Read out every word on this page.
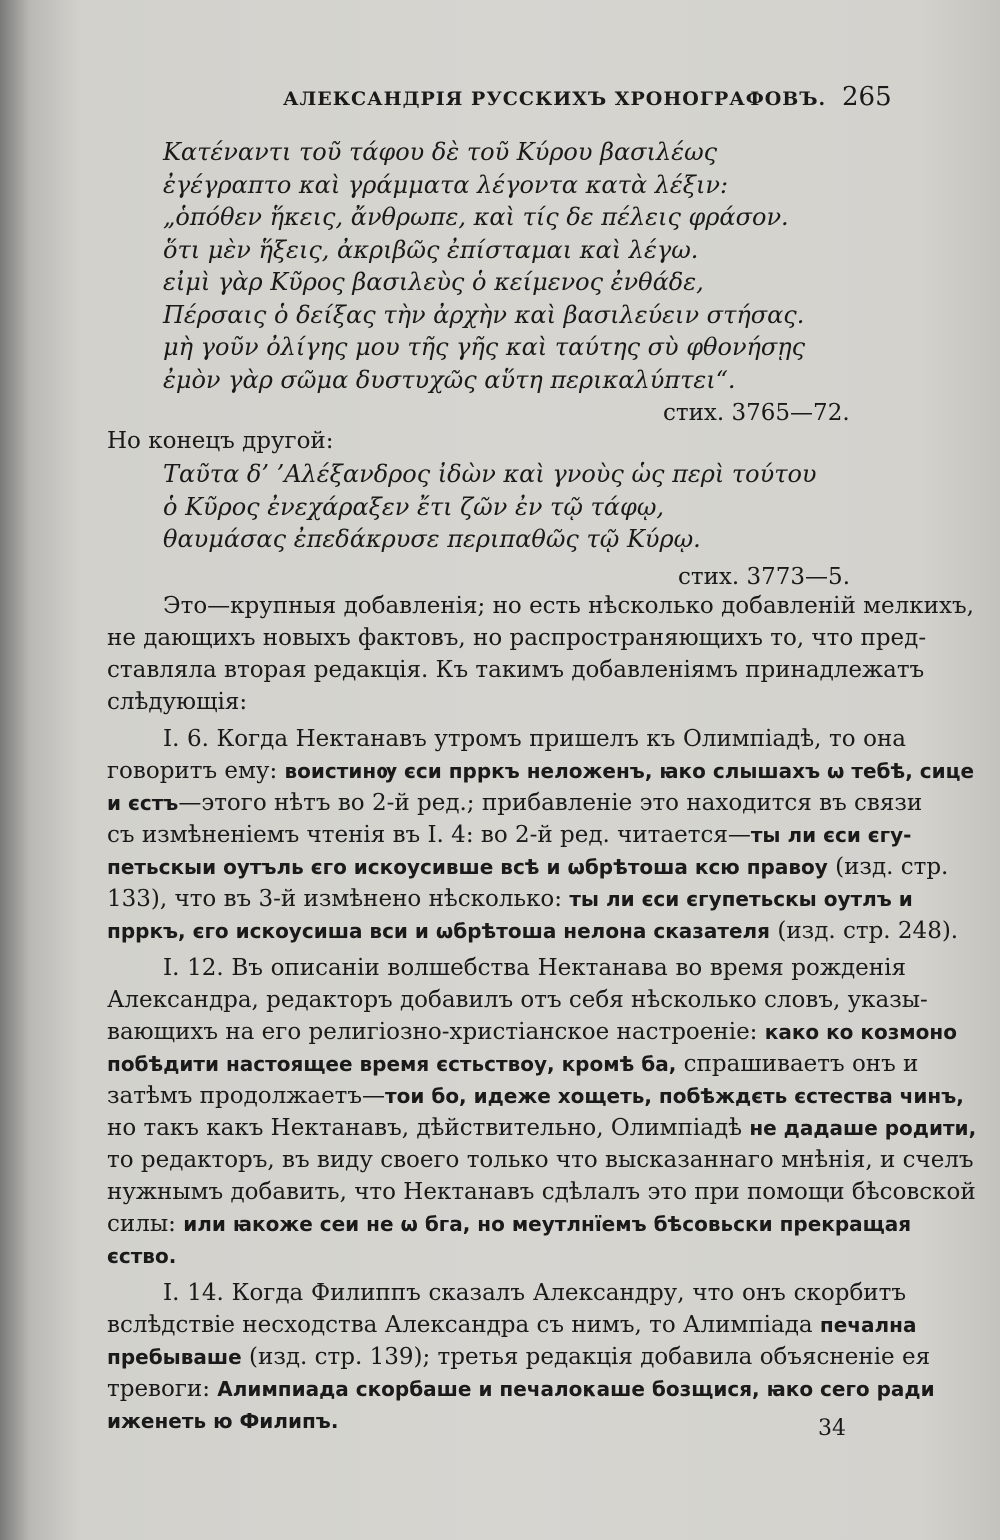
АЛЕКСАНДРІЯ РУССКИХЪ ХРОНОГРАФОВЪ. 265
Κατέναντι τοῦ τάφου δὲ τοῦ Κύρου βασιλέως
ἐγέγραπτο καὶ γράμματα λέγοντα κατὰ λέξιν:
„ὁπόθεν ἥκεις, ἄνθρωπε, καὶ τίς δε πέλεις φράσον.
ὅτι μὲν ἥξεις, ἀκριβῶς ἐπίσταμαι καὶ λέγω.
εἰμὶ γὰρ Κῦρος βασιλεὺς ὁ κείμενος ἐνθάδε,
Πέρσαις ὁ δείξας τὴν ἀρχὴν καὶ βασιλεύειν στήσας.
μὴ γοῦν ὀλίγης μου τῆς γῆς καὶ ταύτης σὺ φθονήσῃς
ἐμὸν γὰρ σῶμα δυστυχῶς αὕτη περικαλύπτει“.
стих. 3765—72.
Но конецъ другой:
Ταῦτα δ’ ’Αλέξανδρος ἰδὼν καὶ γνοὺς ὡς περὶ τούτου
ὁ Κῦρος ἐνεχάραξεν ἔτι ζῶν ἐν τῷ τάφῳ,
θαυμάσας ἐπεδάκρυσε περιπαθῶς τῷ Κύρῳ.
стих. 3773—5.
Это—крупныя добавленія; но есть нѣсколько добавленій мелкихъ,
не дающихъ новыхъ фактовъ, но распространяющихъ то, что пред-
ставляла вторая редакція. Къ такимъ добавленіямъ принадлежатъ
слѣдующія:
I. 6. Когда Нектанавъ утромъ пришелъ къ Олимпіадѣ, то она
говоритъ ему: воистинѹ єси прркъ неложенъ, ꙗко слышахъ ѡ тебѣ, сице
и єстъ—этого нѣтъ во 2-й ред.; прибавленіе это находится въ связи
съ измѣненіемъ чтенія въ I. 4: во 2-й ред. читается—ты ли єси єгу-
петьскыи оутъль єго искоусивше всѣ и ѡбрѣтоша ксю правоу (изд. стр.
133), что въ 3-й измѣнено нѣсколько: ты ли єси єгупетьскы оутлъ и
прркъ, єго искоусиша вси и ѡбрѣтоша нелона сказателя (изд. стр. 248).
I. 12. Въ описаніи волшебства Нектанава во время рожденія
Александра, редакторъ добавилъ отъ себя нѣсколько словъ, указы-
вающихъ на его религіозно-христіанское настроеніе: како ко козмоно
побѣдити настоящее время єстьствоу, кромѣ ба, спрашиваетъ онъ и
затѣмъ продолжаетъ—тои бо, идеже хощеть, побѣждєть єстества чинъ,
но такъ какъ Нектанавъ, дѣйствительно, Олимпіадѣ не дадаше родити,
то редакторъ, въ виду своего только что высказаннаго мнѣнія, и счелъ
нужнымъ добавить, что Нектанавъ сдѣлалъ это при помощи бѣсовской
силы: или ꙗкоже сеи не ѡ бга, но меутлнїемъ бѣсовьски прекращая
єство.
I. 14. Когда Филиппъ сказалъ Александру, что онъ скорбитъ
вслѣдствіе несходства Александра съ нимъ, то Алимпіада печална
пребываше (изд. стр. 139); третья редакція добавила объясненіе ея
тревоги: Алимпиада скорбаше и печалоκаше бозщися, ꙗко сего ради
иженеть ю Филипъ.	34
